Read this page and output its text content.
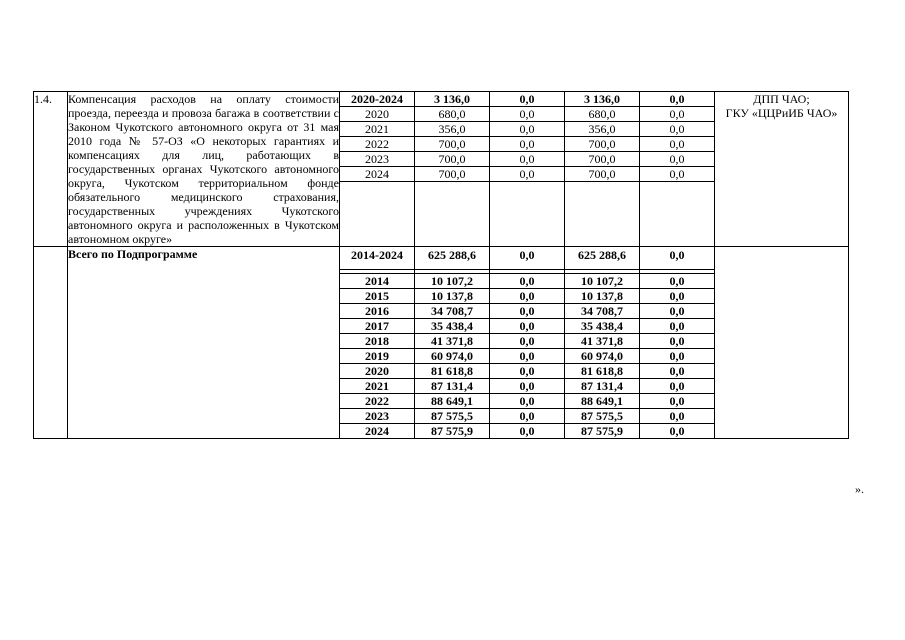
1.4.	Компенсация расходов на оплату стоимости проезда, переезда и провоза багажа в соответствии с Законом Чукотского автономного округа от 31 мая 2010 года № 57-ОЗ «О некоторых гарантиях и компенсациях для лиц, работающих в государственных органах Чукотского автономного округа, Чукотском территориальном фонде обязательного медицинского страхования, государственных учреждениях Чукотского автономного округа и расположенных в Чукотском автономном округе»	2020-2024	3 136,0	0,0	3 136,0	0,0	ДПП ЧАО;
ГКУ «ЦЦРиИБ ЧАО»

		2020	680,0	0,0	680,0	0,0	
		2021	356,0	0,0	356,0	0,0	
		2022	700,0	0,0	700,0	0,0	
		2023	700,0	0,0	700,0	0,0	
		2024	700,0	0,0	700,0	0,0	

	Всего по Подпрограмме	2014-2024	625 288,6	0,0	625 288,6	0,0	

		2014	10 107,2	0,0	10 107,2	0,0	
		2015	10 137,8	0,0	10 137,8	0,0	
		2016	34 708,7	0,0	34 708,7	0,0	
		2017	35 438,4	0,0	35 438,4	0,0	
		2018	41 371,8	0,0	41 371,8	0,0	
		2019	60 974,0	0,0	60 974,0	0,0	
		2020	81 618,8	0,0	81 618,8	0,0	
		2021	87 131,4	0,0	87 131,4	0,0	
		2022	88 649,1	0,0	88 649,1	0,0	
		2023	87 575,5	0,0	87 575,5	0,0	
		2024	87 575,9	0,0	87 575,9	0,0	
».
